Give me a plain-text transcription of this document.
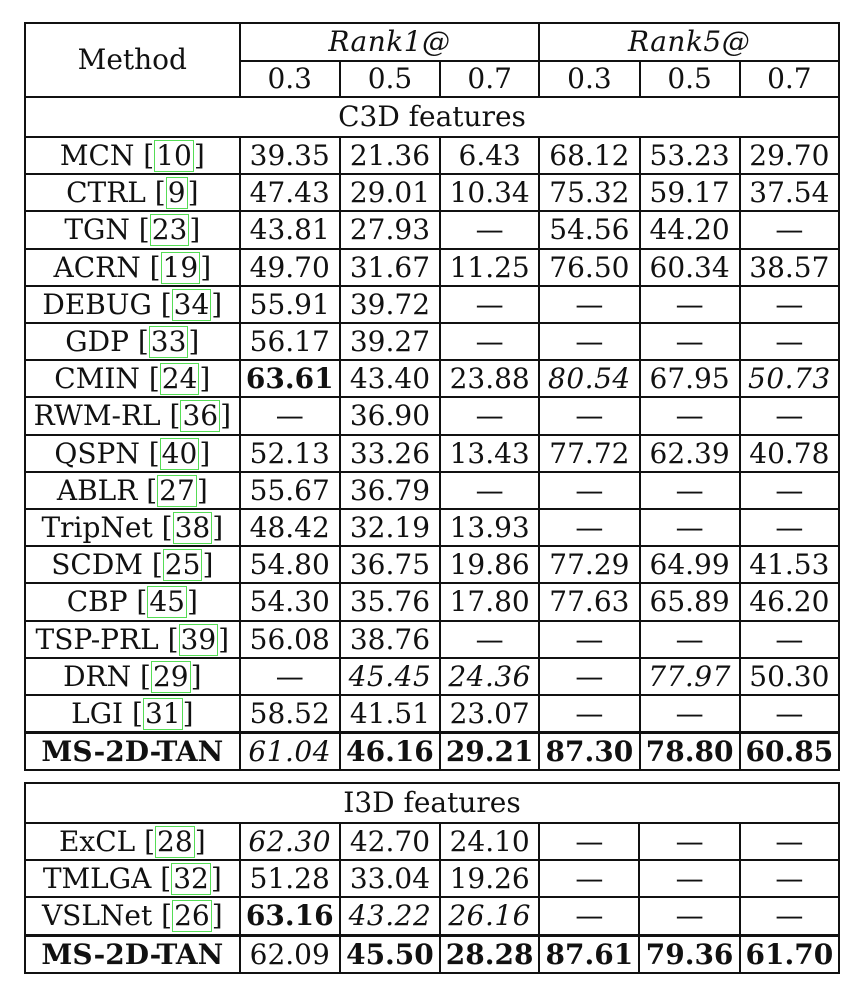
Method	Rank1@			Rank5@		
	0.3	0.5	0.7	0.3	0.5	0.7
C3D features						
MCN [10]	39.35	21.36	6.43	68.12	53.23	29.70
CTRL [9]	47.43	29.01	10.34	75.32	59.17	37.54
TGN [23]	43.81	27.93	—	54.56	44.20	—
ACRN [19]	49.70	31.67	11.25	76.50	60.34	38.57
DEBUG [34]	55.91	39.72	—	—	—	—
GDP [33]	56.17	39.27	—	—	—	—
CMIN [24]	63.61	43.40	23.88	80.54	67.95	50.73
RWM-RL [36]	—	36.90	—	—	—	—
QSPN [40]	52.13	33.26	13.43	77.72	62.39	40.78
ABLR [27]	55.67	36.79	—	—	—	—
TripNet [38]	48.42	32.19	13.93	—	—	—
SCDM [25]	54.80	36.75	19.86	77.29	64.99	41.53
CBP [45]	54.30	35.76	17.80	77.63	65.89	46.20
TSP-PRL [39]	56.08	38.76	—	—	—	—
DRN [29]	—	45.45	24.36	—	77.97	50.30
LGI [31]	58.52	41.51	23.07	—	—	—
MS-2D-TAN	61.04	46.16	29.21	87.30	78.80	60.85
I3D features						
ExCL [28]	62.30	42.70	24.10	—	—	—
TMLGA [32]	51.28	33.04	19.26	—	—	—
VSLNet [26]	63.16	43.22	26.16	—	—	—
MS-2D-TAN	62.09	45.50	28.28	87.61	79.36	61.70
